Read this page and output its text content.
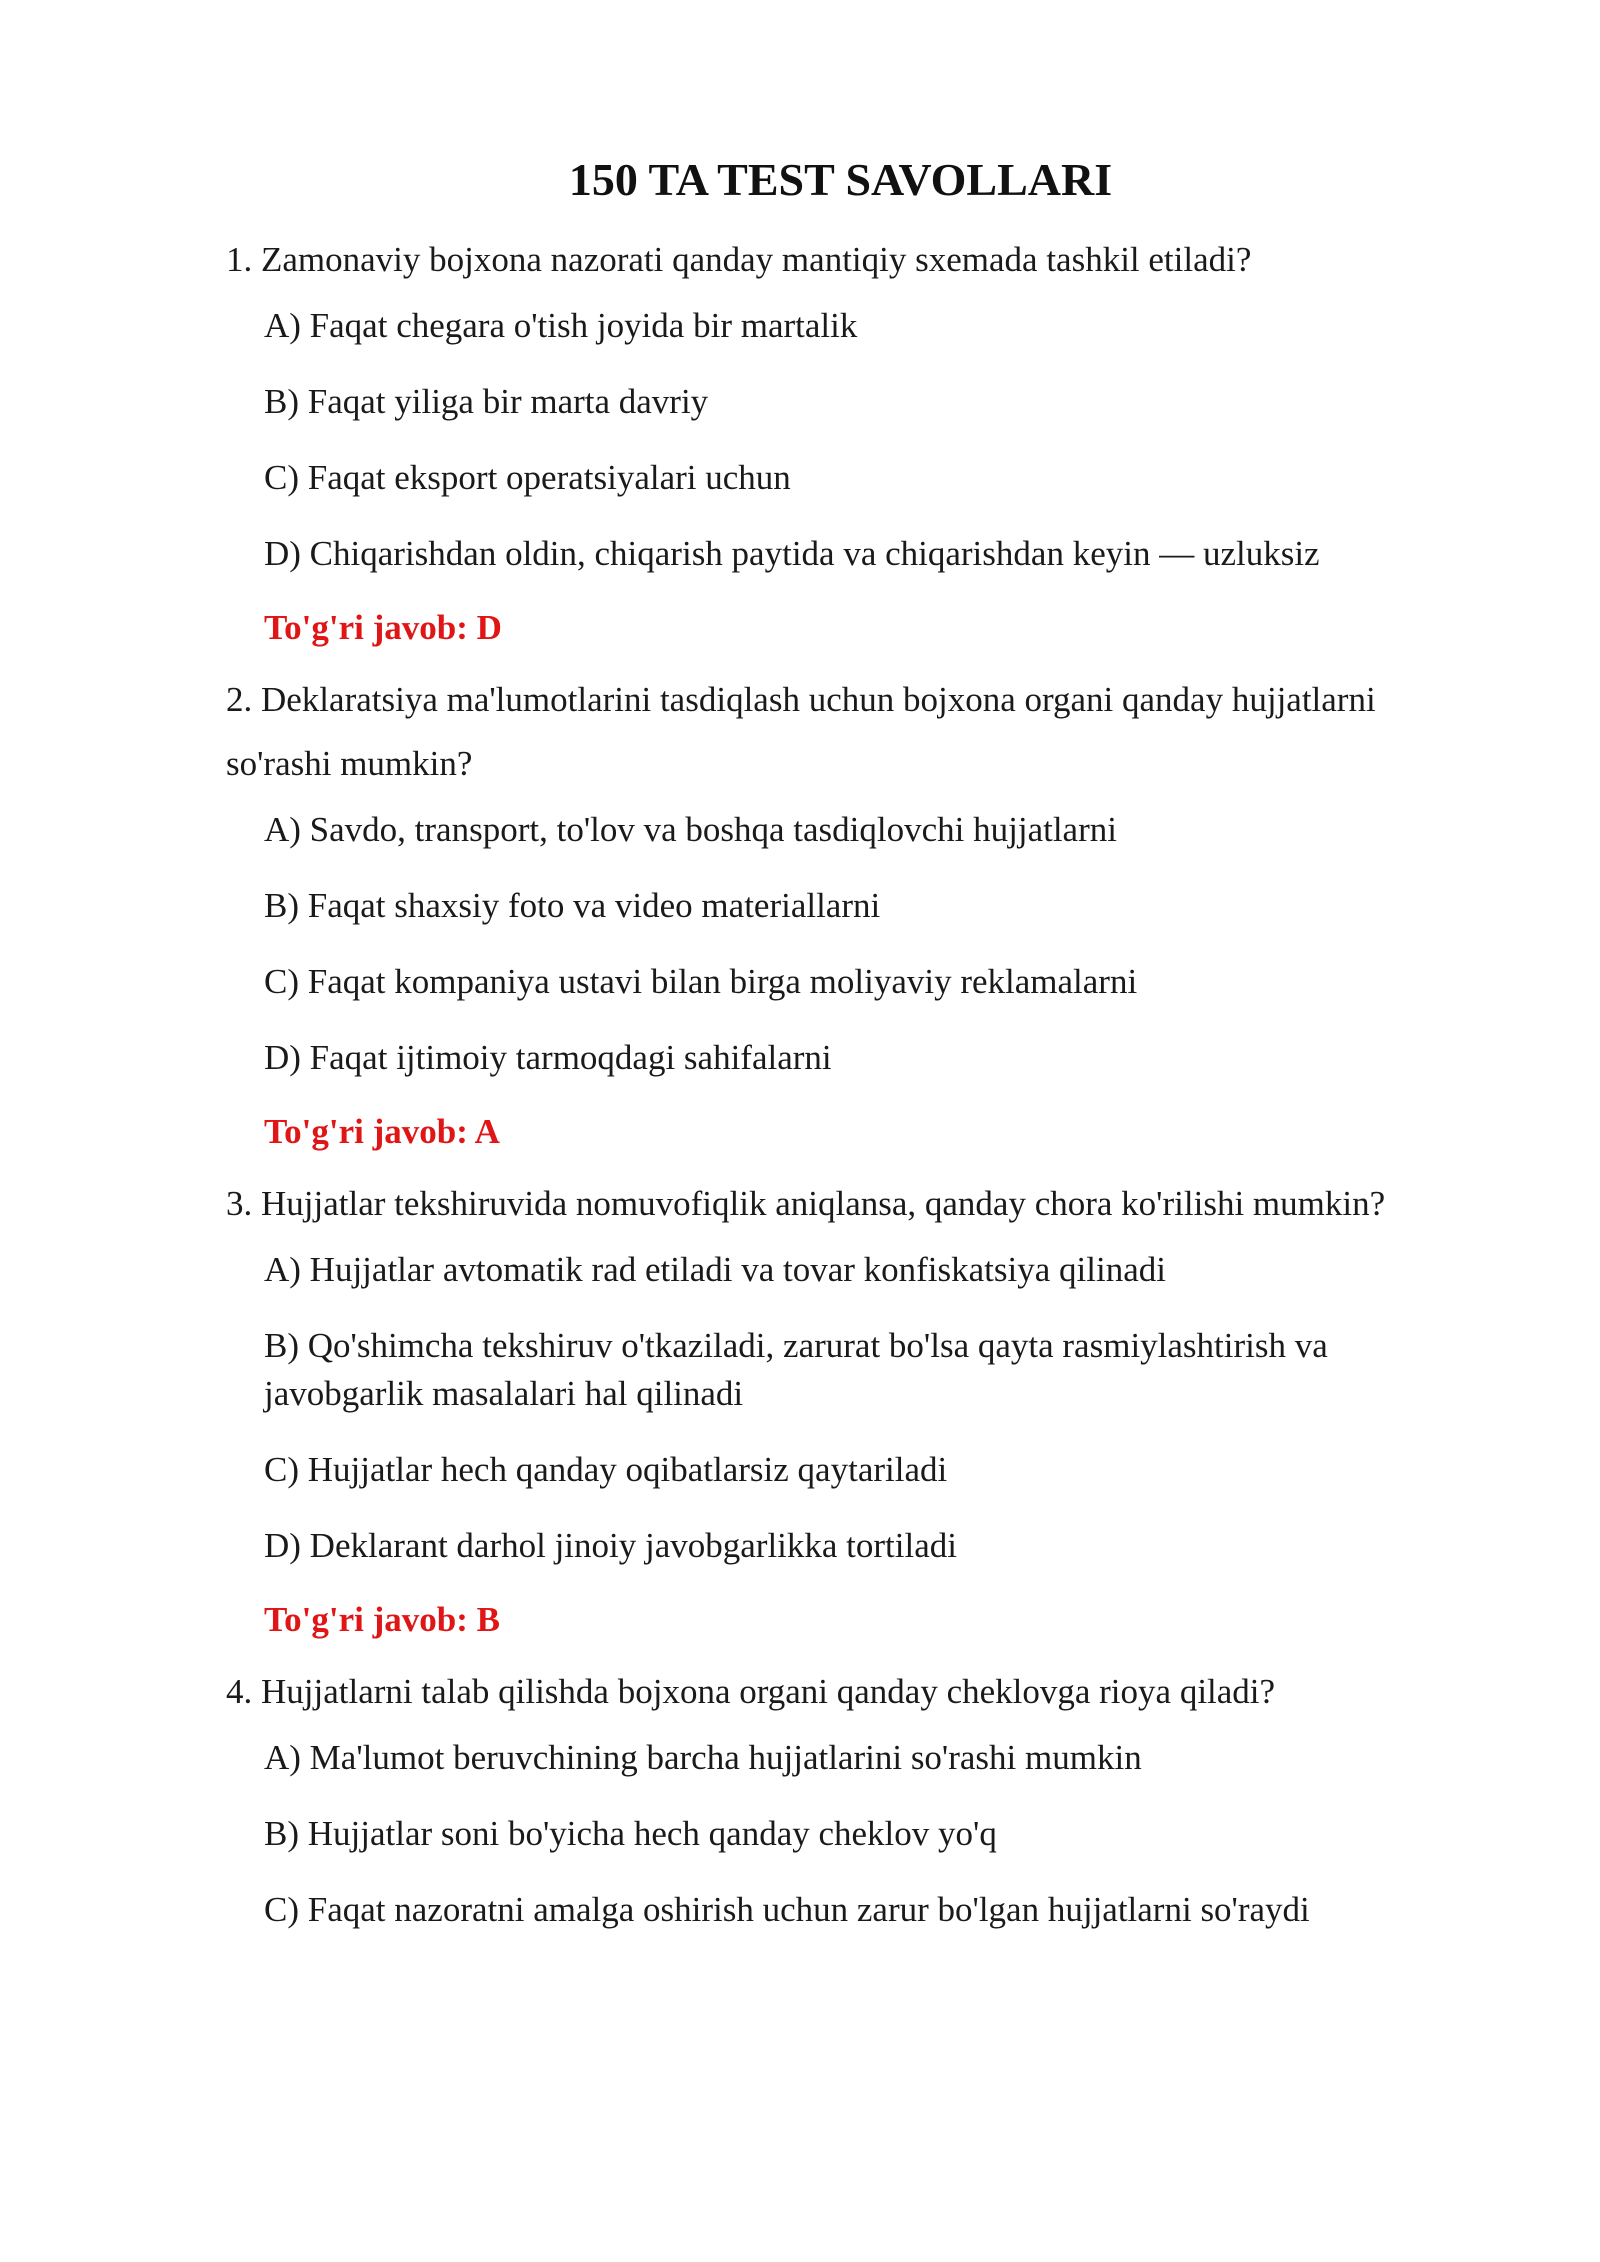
150 TA TEST SAVOLLARI

1. Zamonaviy bojxona nazorati qanday mantiqiy sxemada tashkil etiladi?

A) Faqat chegara o'tish joyida bir martalik

B) Faqat yiliga bir marta davriy

C) Faqat eksport operatsiyalari uchun

D) Chiqarishdan oldin, chiqarish paytida va chiqarishdan keyin — uzluksiz

To'g'ri javob: D

2. Deklaratsiya ma'lumotlarini tasdiqlash uchun bojxona organi qanday hujjatlarni so'rashi mumkin?

A) Savdo, transport, to'lov va boshqa tasdiqlovchi hujjatlarni

B) Faqat shaxsiy foto va video materiallarni

C) Faqat kompaniya ustavi bilan birga moliyaviy reklamalarni

D) Faqat ijtimoiy tarmoqdagi sahifalarni

To'g'ri javob: A

3. Hujjatlar tekshiruvida nomuvofiqlik aniqlansa, qanday chora ko'rilishi mumkin?

A) Hujjatlar avtomatik rad etiladi va tovar konfiskatsiya qilinadi

B) Qo'shimcha tekshiruv o'tkaziladi, zarurat bo'lsa qayta rasmiylashtirish va javobgarlik masalalari hal qilinadi

C) Hujjatlar hech qanday oqibatlarsiz qaytariladi

D) Deklarant darhol jinoiy javobgarlikka tortiladi

To'g'ri javob: B

4. Hujjatlarni talab qilishda bojxona organi qanday cheklovga rioya qiladi?

A) Ma'lumot beruvchining barcha hujjatlarini so'rashi mumkin

B) Hujjatlar soni bo'yicha hech qanday cheklov yo'q

C) Faqat nazoratni amalga oshirish uchun zarur bo'lgan hujjatlarni so'raydi
